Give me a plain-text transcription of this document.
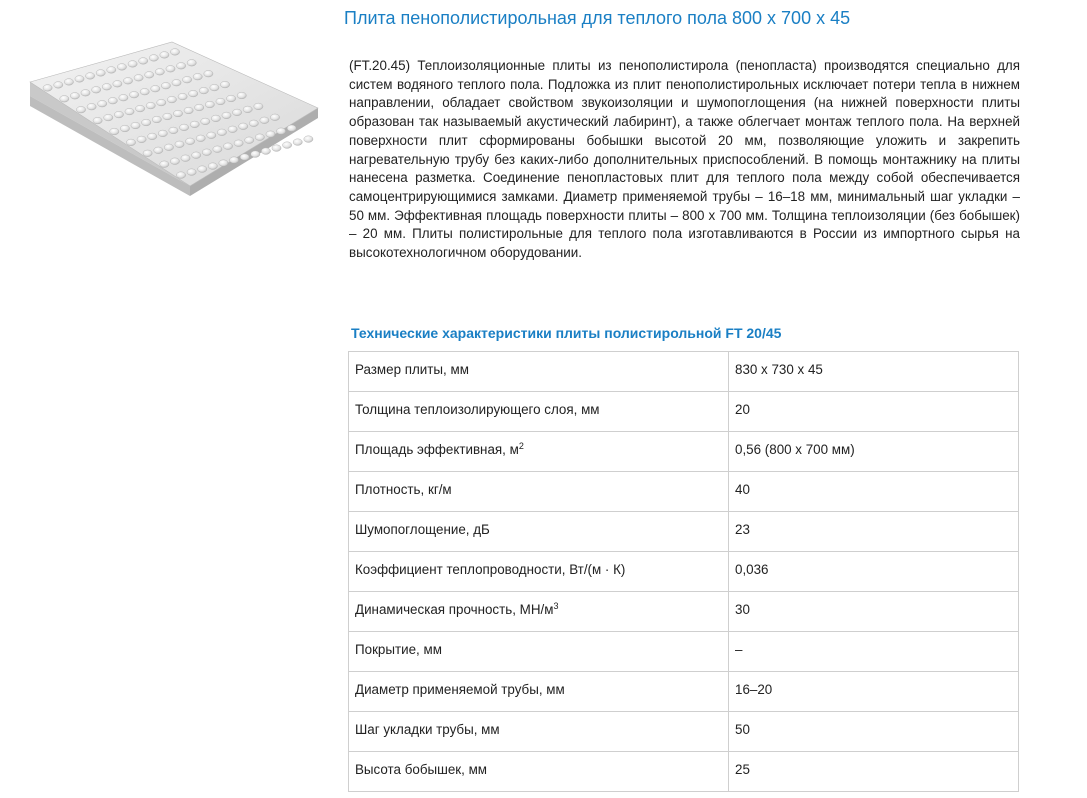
Плита пенополистирольная для теплого пола 800 х 700 х 45

(FT.20.45) Теплоизоляционные плиты из пенополистирола (пенопласта) производятся специально для систем водяного теплого пола. Подложка из плит пенополистирольных исключает потери тепла в нижнем направлении, обладает свойством звукоизоляции и шумопоглощения (на нижней поверхности плиты образован так называемый акустический лабиринт), а также облегчает монтаж теплого пола. На верхней поверхности плит сформированы бобышки высотой 20 мм, позволяющие уложить и закрепить нагревательную трубу без каких-либо дополнительных приспособлений. В помощь монтажнику на плиты нанесена разметка. Соединение пенопластовых плит для теплого пола между собой обеспечивается самоцентрирующимися замками. Диаметр применяемой трубы – 16–18 мм, минимальный шаг укладки – 50 мм. Эффективная площадь поверхности плиты – 800 х 700 мм. Толщина теплоизоляции (без бобышек) – 20 мм. Плиты полистирольные для теплого пола изготавливаются в России из импортного сырья на высокотехнологичном оборудовании.

Технические характеристики плиты полистирольной FT 20/45
Размер плиты, мм	830 х 730 х 45
Толщина теплоизолирующего слоя, мм	20
Площадь эффективная, $м^2$	0,56 (800 х 700 мм)
Плотность, кг/м	40
Шумопоглощение, дБ	23
Коэффициент теплопроводности, Вт/(м · К)	0,036
Динамическая прочность, $МН/м^3$	30
Покрытие, мм	–
Диаметр применяемой трубы, мм	16–20
Шаг укладки трубы, мм	50
Высота бобышек, мм	25
